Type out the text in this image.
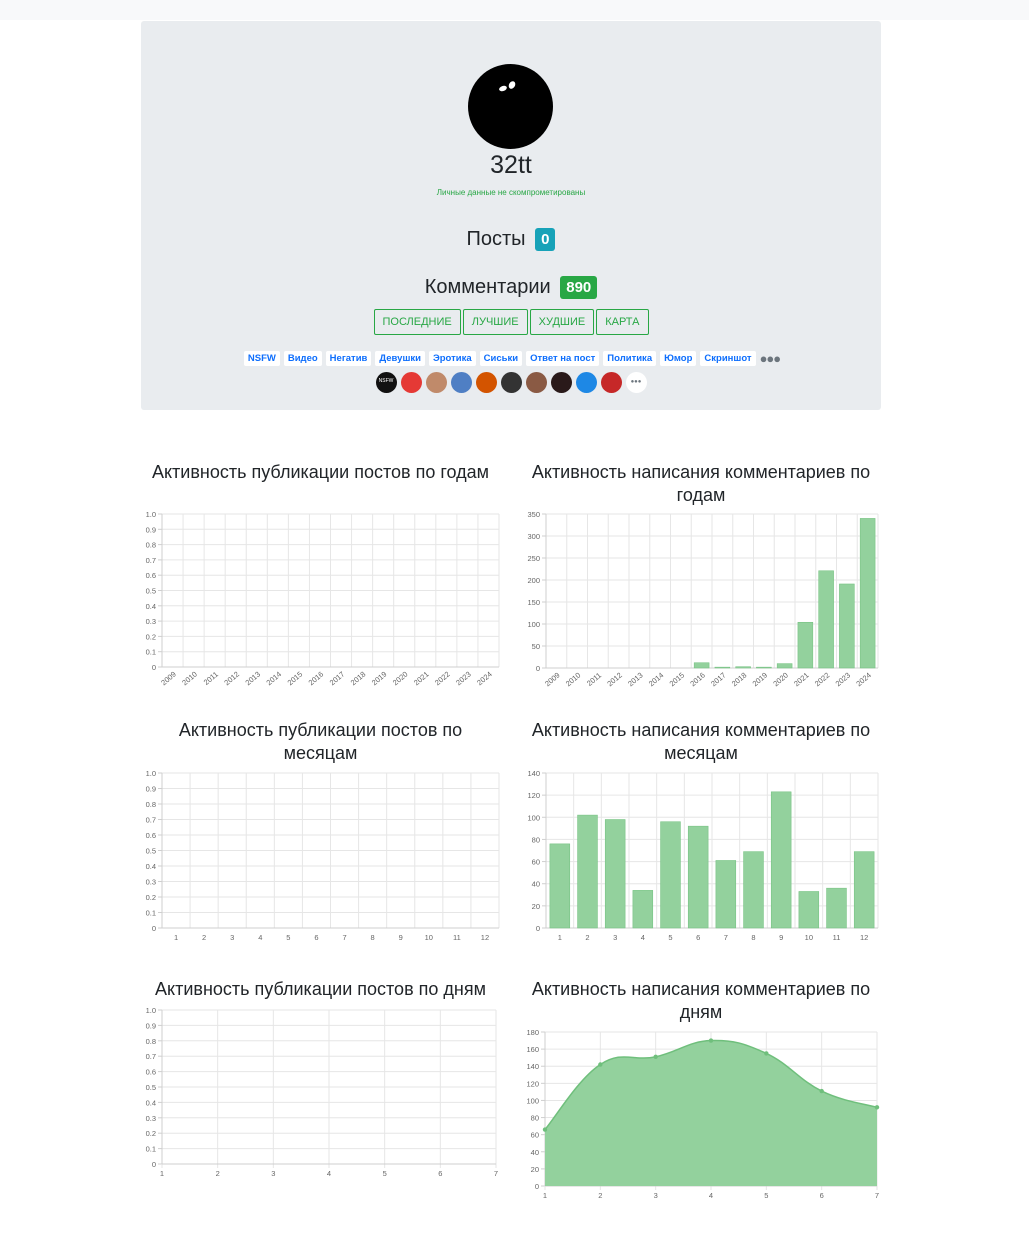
32tt
Личные данные не скомпрометированы
Посты 0
Комментарии 890
ПОСЛЕДНИЕ ЛУЧШИЕ ХУДШИЕ КАРТА
NSFW Видео Негатив Девушки Эротика Сиськи Ответ на пост Политика Юмор Скриншот ●●●
NSFW	●●●
Активность публикации постов по годам	Активность написания комментариев по годам
Активность публикации постов по месяцам
Активность написания комментариев по месяцам
Активность публикации постов по дням	Активность написания комментариев по дням
0
0.1
0.2
0.3
0.4
0.5
0.6
0.7
0.8
0.9
1.0
2009 2010 2011 2012 2013 2014 2015 2016 2017 2018 2019 2020 2021 2022 2023 2024
0
50
100
150
200
250
300
350
2009 2010 2011 2012 2013 2014 2015 2016 2017 2018 2019 2020 2021 2022 2023 2024
0
0.1
0.2
0.3
0.4
0.5
0.6
0.7
0.8
0.9
1.0
1	2	3	4	5	6	7	8	9	10	11	12
0
20
40
60
80
100
120
140
1	2	3	4	5	6	7	8	9	10	11	12
0
0.1
0.2
0.3
0.4
0.5
0.6
0.7
0.8
0.9
1.0
1	2	3	4	5	6	7
0
20
40
60
80
100
120
140
160
180
1	2	3	4	5	6	7
